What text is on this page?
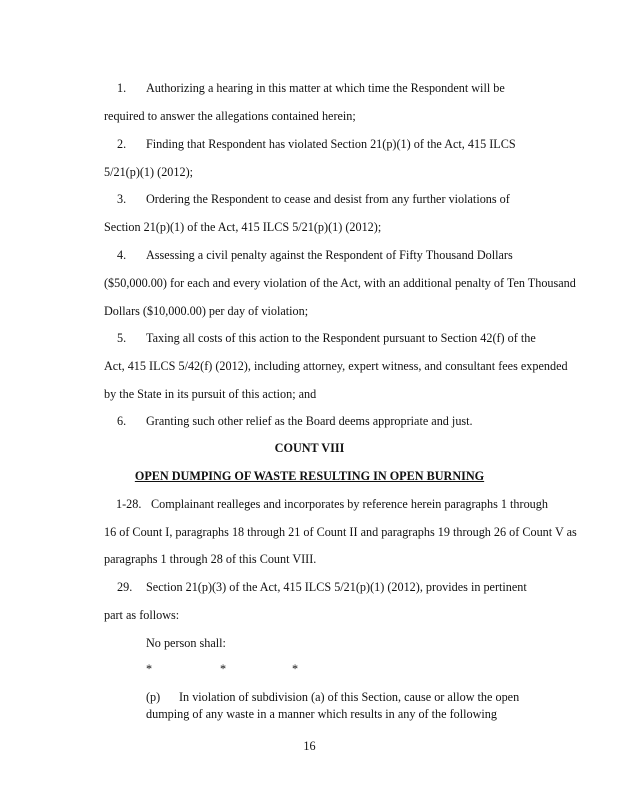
1. Authorizing a hearing in this matter at which time the Respondent will be
required to answer the allegations contained herein;
2. Finding that Respondent has violated Section 21(p)(1) of the Act, 415 ILCS
5/21(p)(1) (2012);
3. Ordering the Respondent to cease and desist from any further violations of
Section 21(p)(1) of the Act, 415 ILCS 5/21(p)(1) (2012);
4. Assessing a civil penalty against the Respondent of Fifty Thousand Dollars
($50,000.00) for each and every violation of the Act, with an additional penalty of Ten Thousand
Dollars ($10,000.00) per day of violation;
5. Taxing all costs of this action to the Respondent pursuant to Section 42(f) of the
Act, 415 ILCS 5/42(f) (2012), including attorney, expert witness, and consultant fees expended
by the State in its pursuit of this action; and
6. Granting such other relief as the Board deems appropriate and just.
COUNT VIII
OPEN DUMPING OF WASTE RESULTING IN OPEN BURNING
1-28. Complainant realleges and incorporates by reference herein paragraphs 1 through
16 of Count I, paragraphs 18 through 21 of Count II and paragraphs 19 through 26 of Count V as
paragraphs 1 through 28 of this Count VIII.
29. Section 21(p)(3) of the Act, 415 ILCS 5/21(p)(1) (2012), provides in pertinent
part as follows:
No person shall:
*	*	*
(p) In violation of subdivision (a) of this Section, cause or allow the open
dumping of any waste in a manner which results in any of the following
16
